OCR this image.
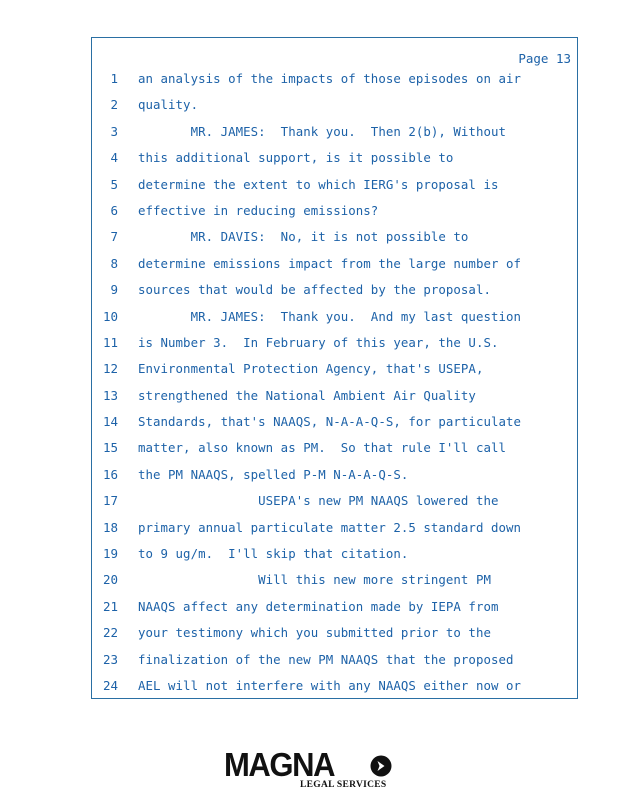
Page 13
1 an analysis of the impacts of those episodes on air
2 quality.
3 MR. JAMES:  Thank you.  Then 2(b), Without
4 this additional support, is it possible to
5 determine the extent to which IERG's proposal is
6 effective in reducing emissions?
7 MR. DAVIS:  No, it is not possible to
8 determine emissions impact from the large number of
9 sources that would be affected by the proposal.
10 MR. JAMES:  Thank you.  And my last question
11 is Number 3.  In February of this year, the U.S.
12 Environmental Protection Agency, that's USEPA,
13 strengthened the National Ambient Air Quality
14 Standards, that's NAAQS, N-A-A-Q-S, for particulate
15 matter, also known as PM.  So that rule I'll call
16 the PM NAAQS, spelled P-M N-A-A-Q-S.
17 USEPA's new PM NAAQS lowered the
18 primary annual particulate matter 2.5 standard down
19 to 9 ug/m.  I'll skip that citation.
20 Will this new more stringent PM
21 NAAQS affect any determination made by IEPA from
22 your testimony which you submitted prior to the
23 finalization of the new PM NAAQS that the proposed
24 AEL will not interfere with any NAAQS either now or
MAGNA
LEGAL SERVICES
